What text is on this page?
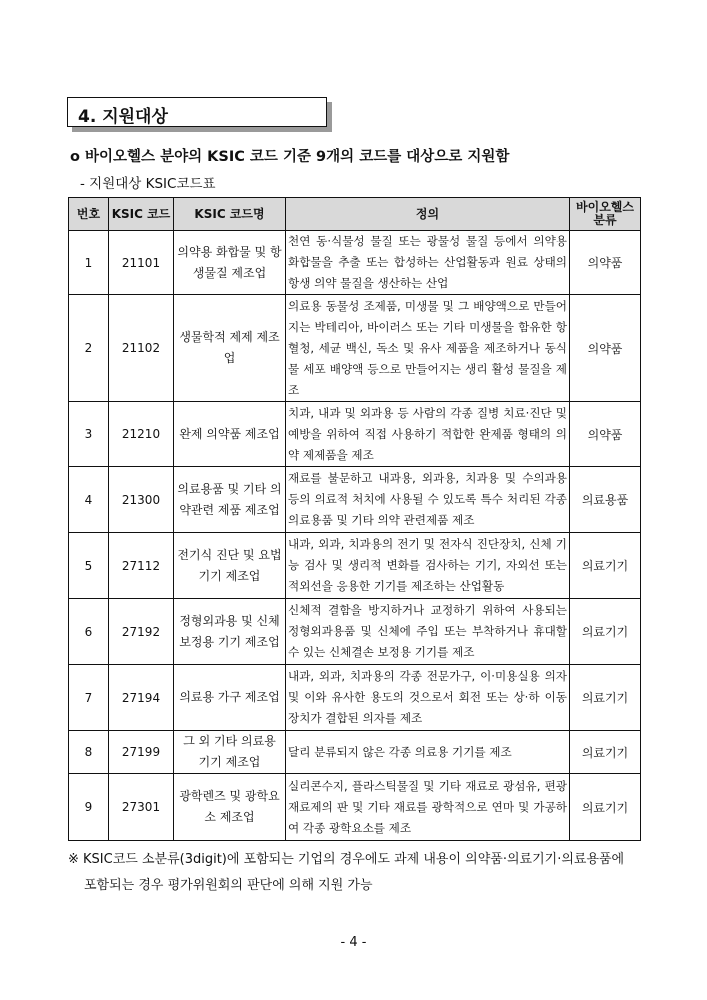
4. 지원대상
o 바이오헬스 분야의 KSIC 코드 기준 9개의 코드를 대상으로 지원함
- 지원대상 KSIC코드표
번호	KSIC 코드	KSIC 코드명	정의	바이오헬스 분류
1	21101	의약용 화합물 및 항생물질 제조업	천연 동·식물성 물질 또는 광물성 물질 등에서 의약용 화합물을 추출 또는 합성하는 산업활동과 원료 상태의 항생 의약 물질을 생산하는 산업	의약품
2	21102	생물학적 제제 제조업	의료용 동물성 조제품, 미생물 및 그 배양액으로 만들어지는 박테리아, 바이러스 또는 기타 미생물을 함유한 항혈청, 세균 백신, 독소 및 유사 제품을 제조하거나 동식물 세포 배양액 등으로 만들어지는 생리 활성 물질을 제조	의약품
3	21210	완제 의약품 제조업	치과, 내과 및 외과용 등 사람의 각종 질병 치료·진단 및 예방을 위하여 직접 사용하기 적합한 완제품 형태의 의약 제제품을 제조	의약품
4	21300	의료용품 및 기타 의약관련 제품 제조업	재료를 불문하고 내과용, 외과용, 치과용 및 수의과용 등의 의료적 처치에 사용될 수 있도록 특수 처리된 각종 의료용품 및 기타 의약 관련제품 제조	의료용품
5	27112	전기식 진단 및 요법 기기 제조업	내과, 외과, 치과용의 전기 및 전자식 진단장치, 신체 기능 검사 및 생리적 변화를 검사하는 기기, 자외선 또는 적외선을 응용한 기기를 제조하는 산업활동	의료기기
6	27192	정형외과용 및 신체보정용 기기 제조업	신체적 결함을 방지하거나 교정하기 위하여 사용되는 정형외과용품 및 신체에 주입 또는 부착하거나 휴대할 수 있는 신체결손 보정용 기기를 제조	의료기기
7	27194	의료용 가구 제조업	내과, 외과, 치과용의 각종 전문가구, 이·미용실용 의자 및 이와 유사한 용도의 것으로서 회전 또는 상·하 이동장치가 결합된 의자를 제조	의료기기
8	27199	그 외 기타 의료용 기기 제조업	달리 분류되지 않은 각종 의료용 기기를 제조	의료기기
9	27301	광학렌즈 및 광학요소 제조업	실리콘수지, 플라스틱물질 및 기타 재료로 광섬유, 편광재료제의 판 및 기타 재료를 광학적으로 연마 및 가공하여 각종 광학요소를 제조	의료기기
※ KSIC코드 소분류(3digit)에 포함되는 기업의 경우에도 과제 내용이 의약품·의료기기·의료용품에
포함되는 경우 평가위원회의 판단에 의해 지원 가능
- 4 -
